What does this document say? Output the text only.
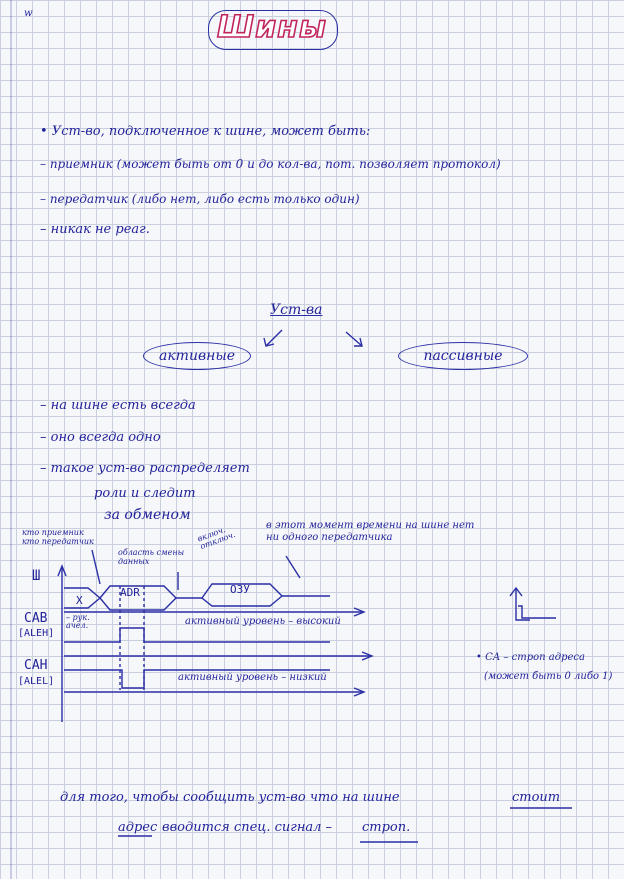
w	Шины
• Уст-во, подключенное к шине, может быть:
– приемник (может быть от 0 и до кол-ва, пот. позволяет протокол)
– передатчик (либо нет, либо есть только один)
– никак не реаг.
Уст-ва
активные	пассивные
– на шине есть всегда
– оно всегда одно
– такое уст-во распределяет
роли и следит
за обменом
кто приемник кто передатчик
область смены данных
включ. отключ.
в этот момент времени на шине нет ни одного передатчика
Ш
САВ
[ALEH]
САН
[ALEL]
X
ADR	ОЗУ
– рук. ачел.	активный уровень – высокий
активный уровень – низкий
• СА – строп адреса
(может быть 0 либо 1)
для того, чтобы сообщить уст-во что на шине	стоит
адрес вводится спец. сигнал – строп.
